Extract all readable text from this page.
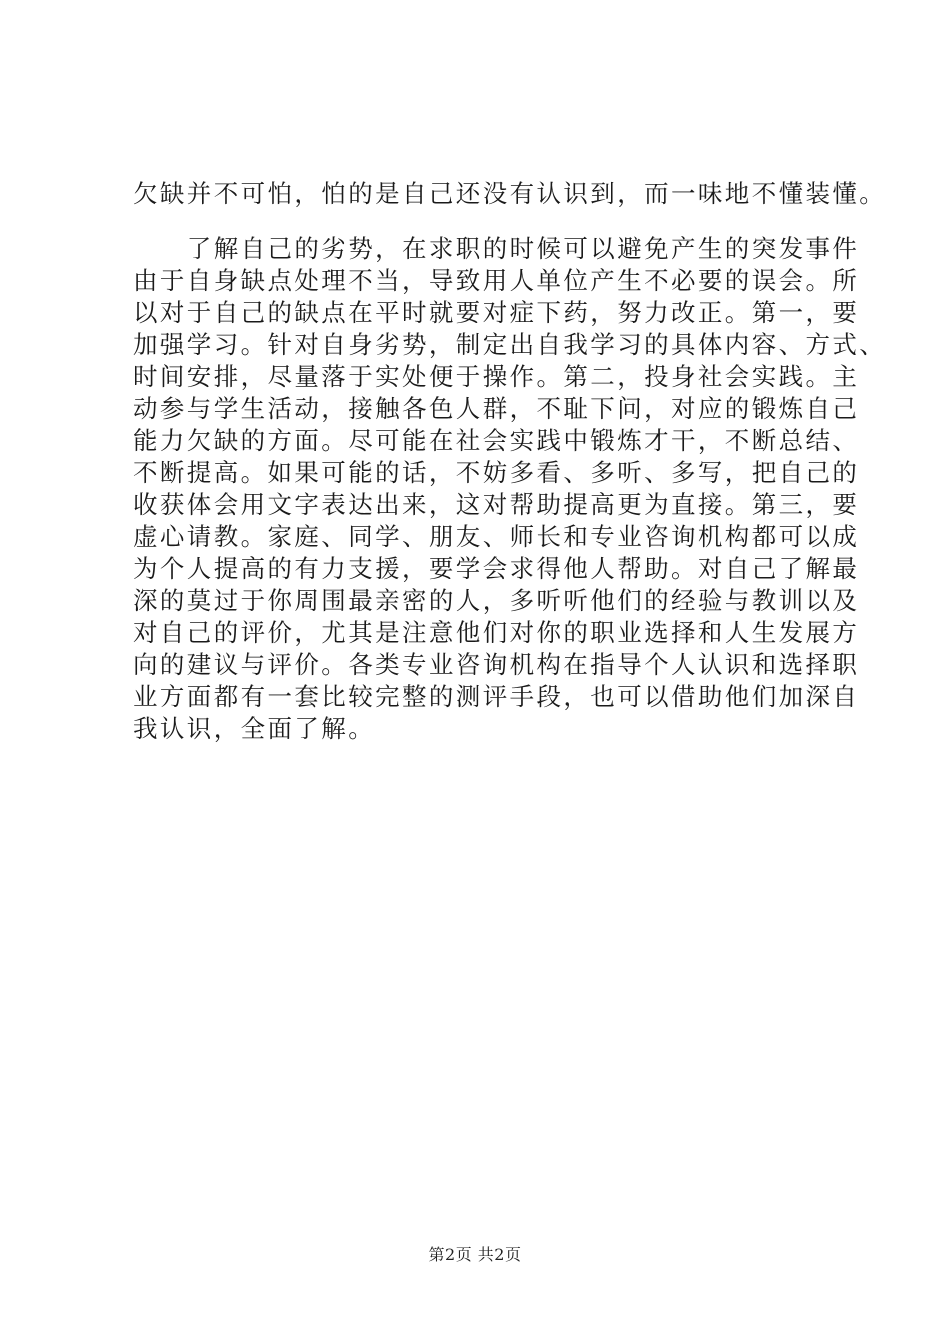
欠缺并不可怕，怕的是自己还没有认识到，而一味地不懂装懂。
　　了解自己的劣势，在求职的时候可以避免产生的突发事件
由于自身缺点处理不当，导致用人单位产生不必要的误会。所
以对于自己的缺点在平时就要对症下药，努力改正。第一，要
加强学习。针对自身劣势，制定出自我学习的具体内容、方式、
时间安排，尽量落于实处便于操作。第二，投身社会实践。主
动参与学生活动，接触各色人群，不耻下问，对应的锻炼自己
能力欠缺的方面。尽可能在社会实践中锻炼才干，不断总结、
不断提高。如果可能的话，不妨多看、多听、多写，把自己的
收获体会用文字表达出来，这对帮助提高更为直接。第三，要
虚心请教。家庭、同学、朋友、师长和专业咨询机构都可以成
为个人提高的有力支援，要学会求得他人帮助。对自己了解最
深的莫过于你周围最亲密的人，多听听他们的经验与教训以及
对自己的评价，尤其是注意他们对你的职业选择和人生发展方
向的建议与评价。各类专业咨询机构在指导个人认识和选择职
业方面都有一套比较完整的测评手段，也可以借助他们加深自
我认识，全面了解。
第2页 共2页
